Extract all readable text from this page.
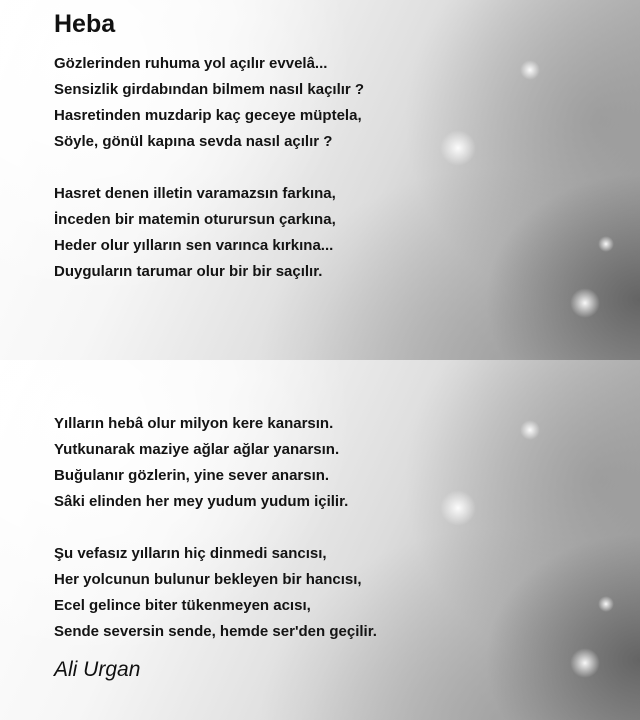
Heba
Gözlerinden ruhuma yol açılır evvelâ...
Sensizlik girdabından bilmem nasıl kaçılır ?
Hasretinden muzdarip kaç geceye müptela,
Söyle, gönül kapına sevda nasıl açılır ?
Hasret denen illetin varamazsın farkına,
İnceden bir matemin oturursun çarkına,
Heder olur yılların sen varınca kırkına...
Duyguların tarumar olur bir bir saçılır.
Yılların hebâ olur milyon kere kanarsın.
Yutkunarak maziye ağlar ağlar yanarsın.
Buğulanır gözlerin, yine sever anarsın.
Sâki elinden her mey yudum yudum içilir.
Şu vefasız yılların hiç dinmedi sancısı,
Her yolcunun bulunur bekleyen bir hancısı,
Ecel gelince biter tükenmeyen acısı,
Sende seversin sende, hemde ser'den geçilir.
Ali Urgan
